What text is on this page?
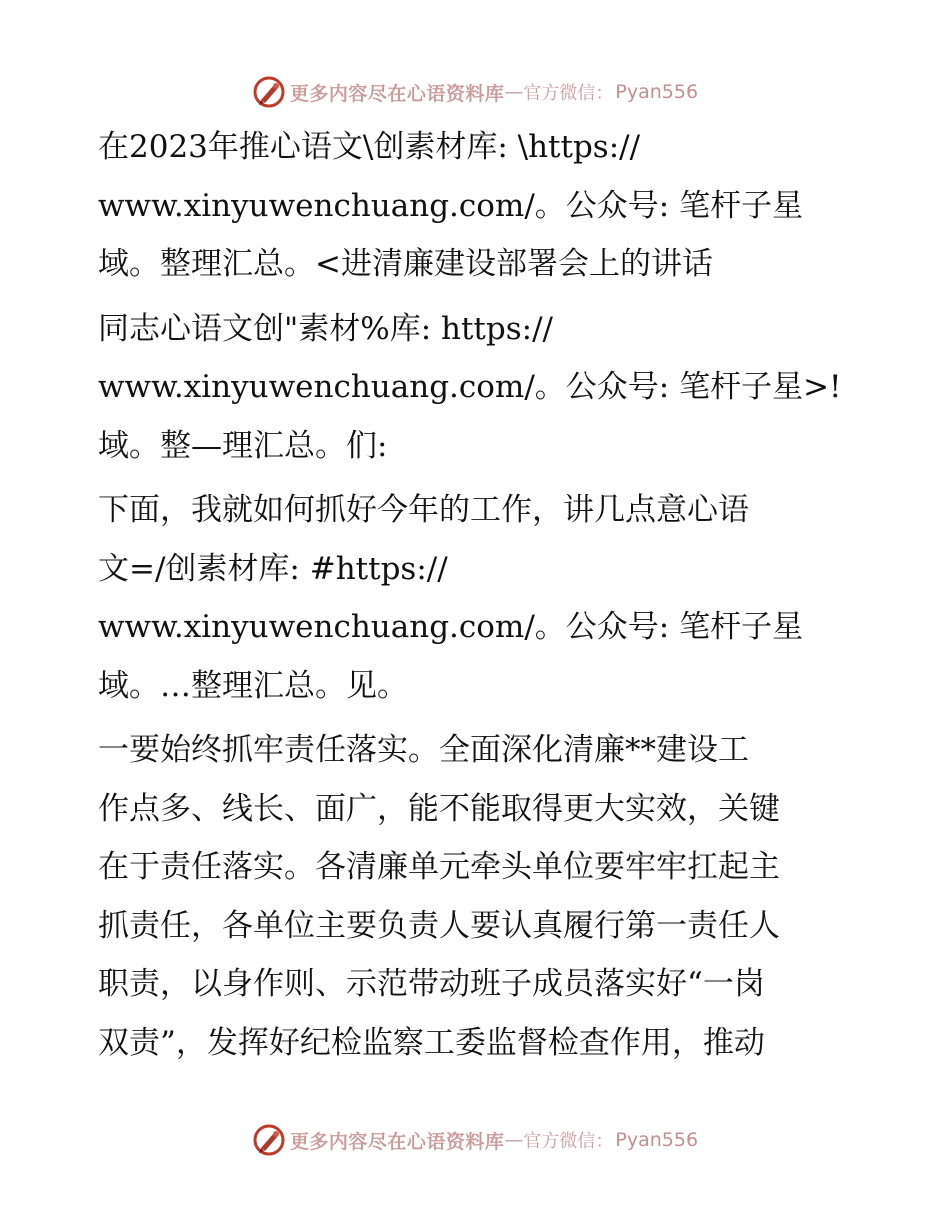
更多内容尽在心语资料库 — 官方微信： Pyan556
在2023年推心语文\创素材库: \https://
www.xinyuwenchuang.com/。公众号: 笔杆子星
域。整理汇总。<进清廉建设部署会上的讲话
同志心语文创"素材%库: https://
www.xinyuwenchuang.com/。公众号: 笔杆子星>!
域。整—理汇总。们:
下面，我就如何抓好今年的工作，讲几点意心语
文=/创素材库: #https://
www.xinyuwenchuang.com/。公众号: 笔杆子星
域。…整理汇总。见。
一要始终抓牢责任落实。全面深化清廉**建设工
作点多、线长、面广，能不能取得更大实效，关键
在于责任落实。各清廉单元牵头单位要牢牢扛起主
抓责任，各单位主要负责人要认真履行第一责任人
职责，以身作则、示范带动班子成员落实好“一岗
双责”，发挥好纪检监察工委监督检查作用，推动
更多内容尽在心语资料库 — 官方微信： Pyan556
